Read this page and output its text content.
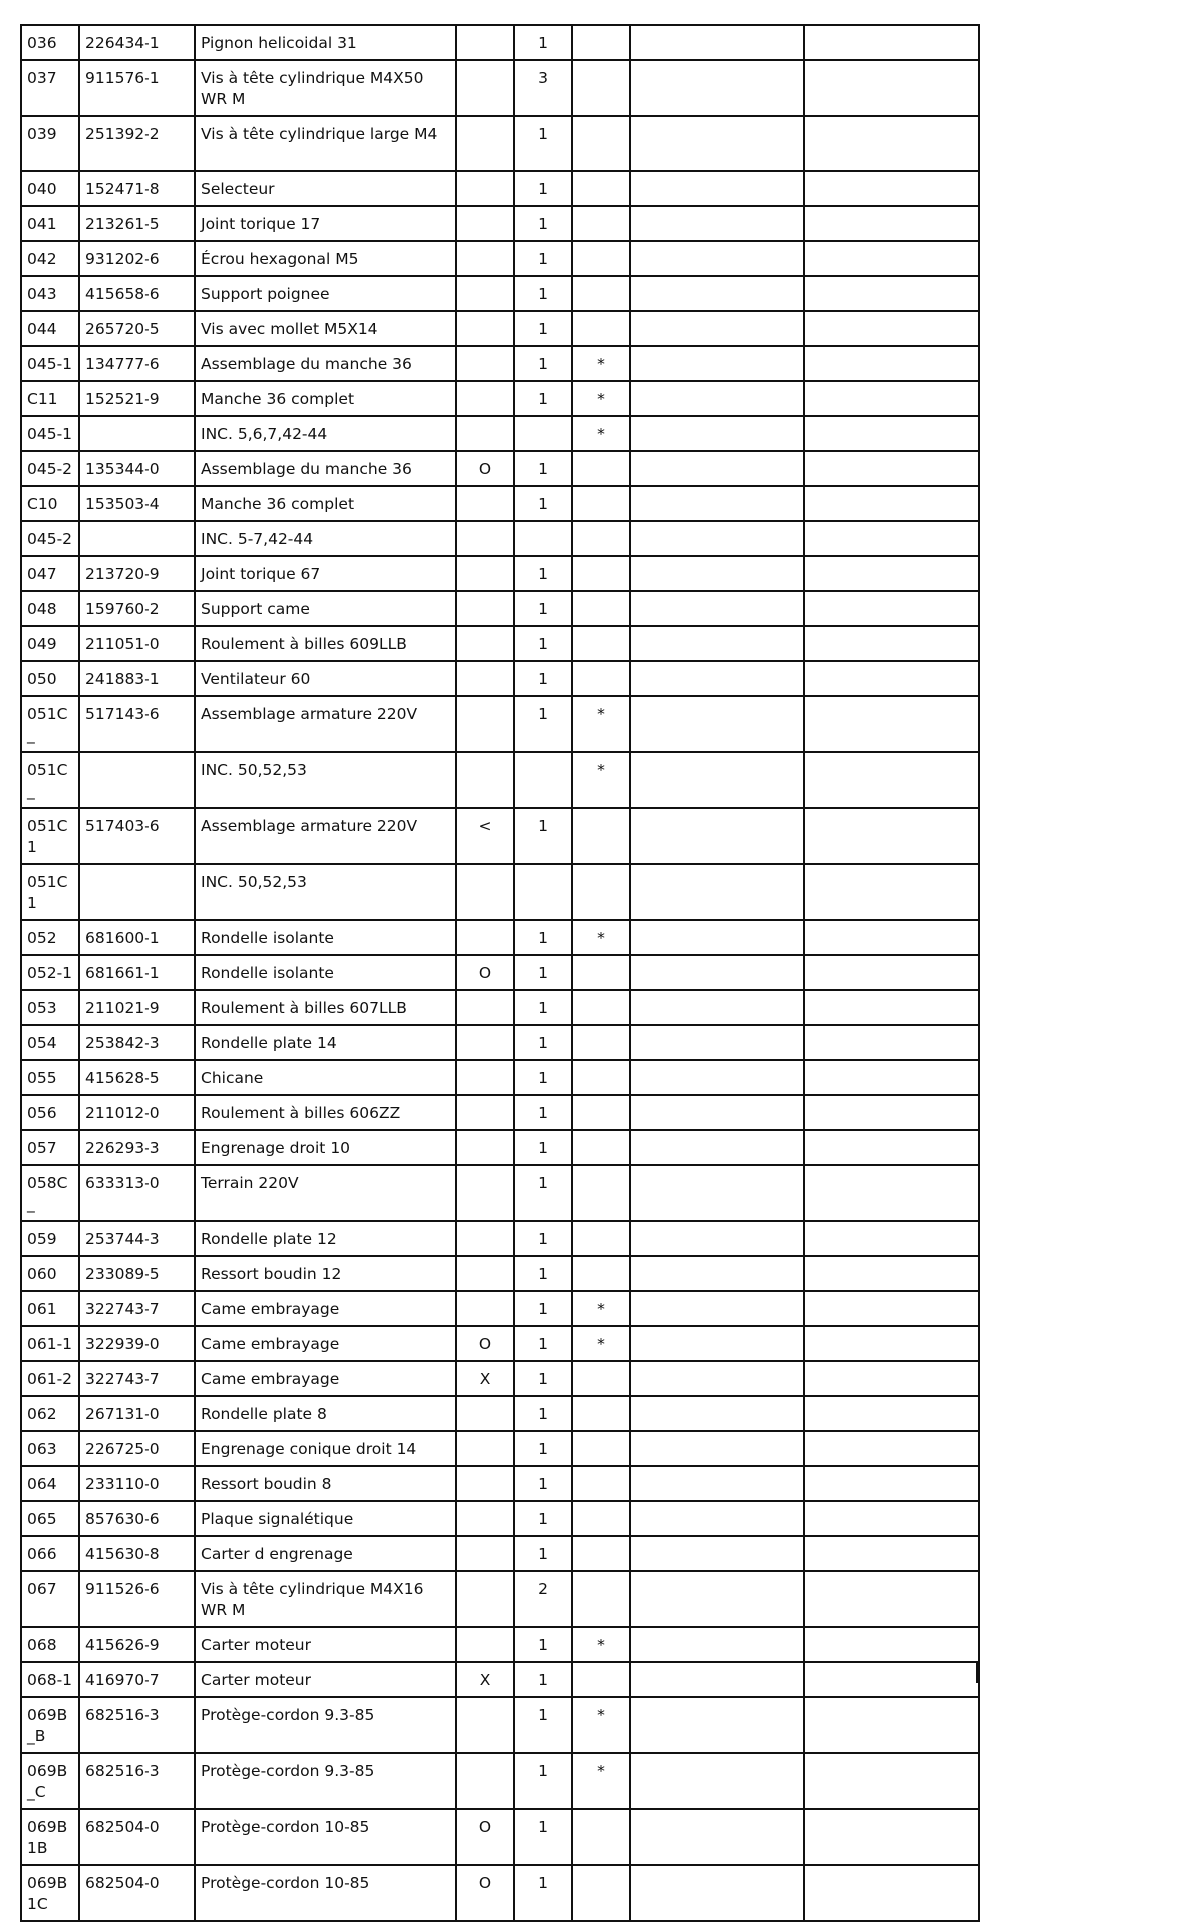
036	226434-1	Pignon helicoidal 31		1			
037	911576-1	Vis à tête cylindrique M4X50 WR M		3			
039	251392-2	Vis à tête cylindrique large M4		1			
040	152471-8	Selecteur		1			
041	213261-5	Joint torique 17		1			
042	931202-6	Écrou hexagonal M5		1			
043	415658-6	Support poignee		1			
044	265720-5	Vis avec mollet M5X14		1			
045-1	134777-6	Assemblage du manche 36		1	*		
C11	152521-9	Manche 36 complet		1	*		
045-1		INC. 5,6,7,42-44			*		
045-2	135344-0	Assemblage du manche 36	O	1			
C10	153503-4	Manche 36 complet		1			
045-2		INC. 5-7,42-44					
047	213720-9	Joint torique 67		1			
048	159760-2	Support came		1			
049	211051-0	Roulement à billes 609LLB		1			
050	241883-1	Ventilateur 60		1			
051C_	517143-6	Assemblage armature 220V		1	*		
051C_		INC. 50,52,53			*		
051C1	517403-6	Assemblage armature 220V	<	1			
051C1		INC. 50,52,53					
052	681600-1	Rondelle isolante		1	*		
052-1	681661-1	Rondelle isolante	O	1			
053	211021-9	Roulement à billes 607LLB		1			
054	253842-3	Rondelle plate 14		1			
055	415628-5	Chicane		1			
056	211012-0	Roulement à billes 606ZZ		1			
057	226293-3	Engrenage droit 10		1			
058C_	633313-0	Terrain 220V		1			
059	253744-3	Rondelle plate 12		1			
060	233089-5	Ressort boudin 12		1			
061	322743-7	Came embrayage		1	*		
061-1	322939-0	Came embrayage	O	1	*		
061-2	322743-7	Came embrayage	X	1			
062	267131-0	Rondelle plate 8		1			
063	226725-0	Engrenage conique droit 14		1			
064	233110-0	Ressort boudin 8		1			
065	857630-6	Plaque signalétique		1			
066	415630-8	Carter d engrenage		1			
067	911526-6	Vis à tête cylindrique M4X16 WR M		2			
068	415626-9	Carter moteur		1	*		
068-1	416970-7	Carter moteur	X	1			
069B_B	682516-3	Protège-cordon 9.3-85		1	*		
069B_C	682516-3	Protège-cordon 9.3-85		1	*		
069B1B	682504-0	Protège-cordon 10-85	O	1			
069B1C	682504-0	Protège-cordon 10-85	O	1			
